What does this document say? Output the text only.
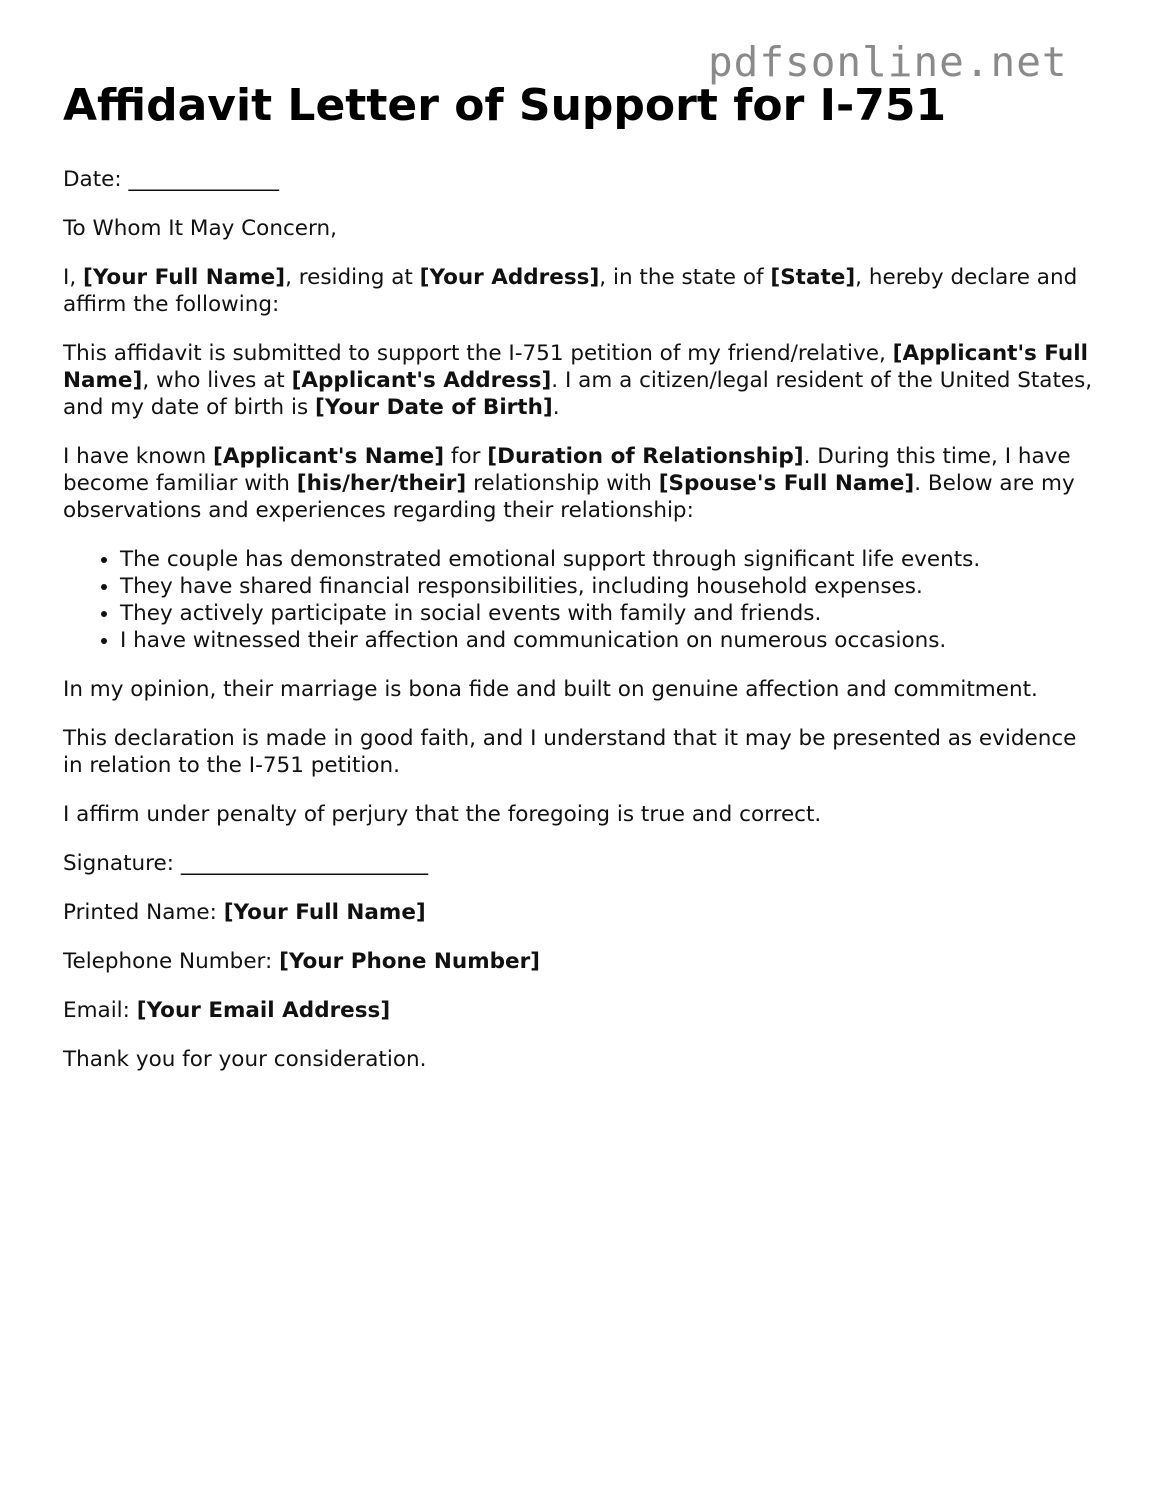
pdfsonline.net
Affidavit Letter of Support for I-751

Date: ______________

To Whom It May Concern,

I, [Your Full Name], residing at [Your Address], in the state of [State], hereby declare and affirm the following:

This affidavit is submitted to support the I-751 petition of my friend/relative, [Applicant's Full Name], who lives at [Applicant's Address]. I am a citizen/legal resident of the United States, and my date of birth is [Your Date of Birth].

I have known [Applicant's Name] for [Duration of Relationship]. During this time, I have become familiar with [his/her/their] relationship with [Spouse's Full Name]. Below are my observations and experiences regarding their relationship:

• The couple has demonstrated emotional support through significant life events.
• They have shared financial responsibilities, including household expenses.
• They actively participate in social events with family and friends.
• I have witnessed their affection and communication on numerous occasions.

In my opinion, their marriage is bona fide and built on genuine affection and commitment.

This declaration is made in good faith, and I understand that it may be presented as evidence in relation to the I-751 petition.

I affirm under penalty of perjury that the foregoing is true and correct.

Signature: _______________________

Printed Name: [Your Full Name]

Telephone Number: [Your Phone Number]

Email: [Your Email Address]

Thank you for your consideration.
